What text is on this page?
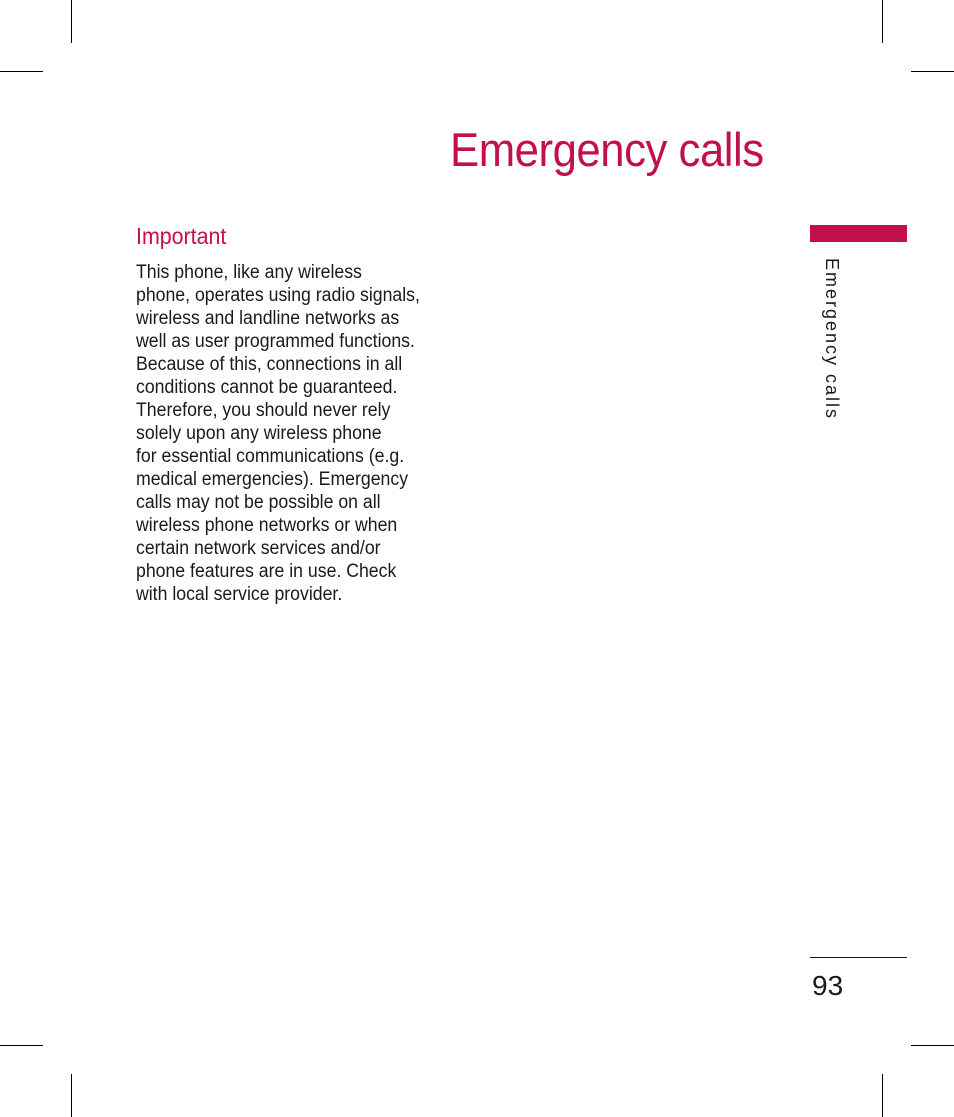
Emergency calls
Important
This phone, like any wireless
phone, operates using radio signals,
wireless and landline networks as
well as user programmed functions.
Because of this, connections in all
conditions cannot be guaranteed.
Therefore, you should never rely
solely upon any wireless phone
for essential communications (e.g.
medical emergencies). Emergency
calls may not be possible on all
wireless phone networks or when
certain network services and/or
phone features are in use. Check
with local service provider.
Emergency calls
93
